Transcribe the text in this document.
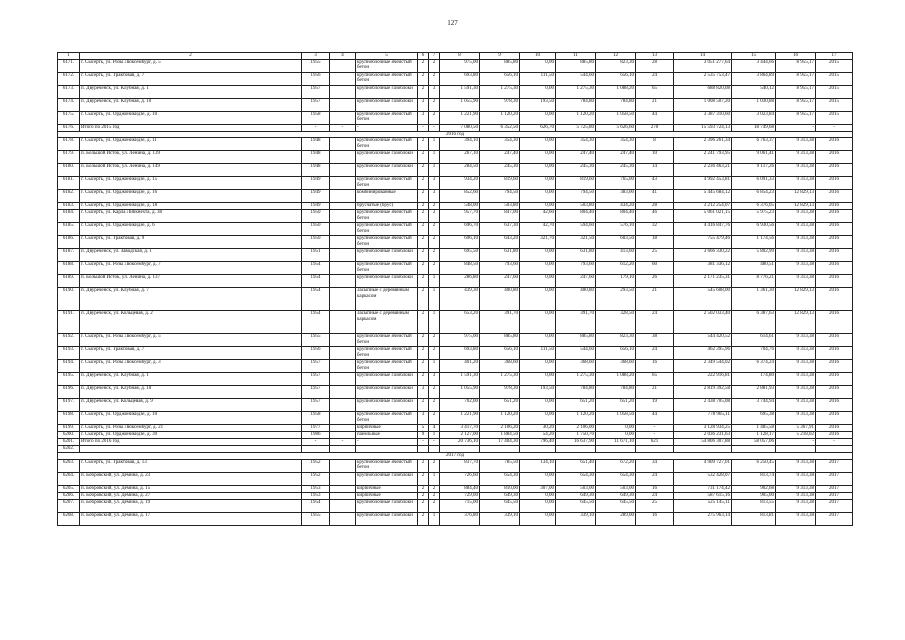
127
1	2	3	4	5	6	7	8	9	10	11	12	13	14	15	16	17
6171.	г. Сысерть, ул. Розы Люксембург, д. 5	1955		крупноблочные ячеистый бетон	2	2	975,00	885,80	0,00	885,80	823,30	28	3 051 277,64	3 444,66	8 955,17	2015
6172.	г. Сысерть, ул. Трактовая, д. 7	1956		крупноблочные ячеистый бетон	2	2	693,80	656,10	111,50	544,60	656,10	24	2 535 753,47	3 864,89	8 955,17	2015
6173.	п. Двуреченск, ул. Клубная, д. 1	1957		крупноблочные газоблоки	2	3	1 591,30	1 275,30	0,00	1 275,30	1 088,20	65	688 820,08	540,12	8 955,17	2015
6174.	п. Двуреченск, ул. Клубная, д. 10	1957		крупноблочные газоблоки	3	2	1 055,90	978,30	193,50	784,80	784,80	21	1 008 507,20	1 030,88	8 955,17	2015
6175.	г. Сысерть, ул. Орджоникидзе, д. 10	1958		крупноблочные ячеистый бетон	3	2	1 221,90	1 120,20	0,00	1 120,20	1 058,50	44	3 387 310,60	3 023,84	8 955,17	2015
6176.	Итого по 2015 год	-	-	-	-	-	7 080,50	6 352,50	626,70	5 725,80	5 626,60	270	15 593 724,13	18 749,68	-	-
2016 год																
6178.	г. Сысерть, ул. Орджоникидзе, д. 11	1948		крупноблочные ячеистый бетон	2	1	394,10	354,30	0,00	354,30	354,30	8	2 396 261,34	6 763,37	9 313,38	2016
6179.	п. Большой Исток, ул. Ленина, д. 139	1948		крупноблочные газоблоки	2	1	267,10	247,40	0,00	247,40	247,40	10	2 241 793,95	9 061,41	9 313,38	2016
6180.	п. Большой Исток, ул. Ленина, д. 149	1948		крупноблочные газоблоки	2	1	284,50	245,30	0,00	245,30	245,30	14	2 236 463,21	9 117,26	9 313,38	2016
6181.	г. Сысерть, ул. Орджоникидзе, д. 15	1949		крупноблочные ячеистый бетон	2	3	934,20	819,60	0,00	819,60	765,00	43	4 992 453,81	6 091,33	9 313,38	2016
6182.	г. Сысерть, ул. Орджоникидзе, д. 16	1949		комбинированные	2	3	852,60	794,50	0,00	794,50	383,00	41	5 445 684,12	6 854,23	12 829,13	2016
6183.	г. Сысерть, ул. Орджоникидзе, д. 18	1949		брусчатые (брус)	2	2	548,00	503,80	0,00	503,80	434,20	28	3 212 254,07	6 376,05	12 829,13	2016
6184.	г. Сысерть, ул. Карла Либкнехта, д. 38	1950		крупноблочные ячеистый бетон	2	3	957,70	847,00	42,60	804,40	804,40	46	5 061 021,15	5 975,23	9 313,38	2016
6185.	г. Сысерть, ул. Орджоникидзе, д. 6	1950		крупноблочные ячеистый бетон	2	2	696,70	637,30	42,70	594,60	576,10	32	4 416 847,76	6 930,56	9 313,38	2016
6186.	г. Сысерть, ул. Трактовая, д. 9	1950		крупноблочные ячеистый бетон	2	2	696,10	643,20	321,70	321,50	603,50	18	755 479,46	1 174,56	9 313,38	2016
6187.	п. Двуреченск, ул. Заводская, д. 1	1951		крупноблочные газоблоки	2	2	695,50	631,80	0,00	631,80	413,60	25	3 666 330,22	5 802,99	9 313,38	2016
6188.	г. Сысерть, ул. Розы Люксембург, д. 7	1954		крупноблочные ячеистый бетон	2	2	848,50	793,60	0,00	793,60	612,20	60	381 336,12	480,51	9 313,38	2016
6189.	п. Большой Исток, ул. Ленина, д. 137	1954		крупноблочные газоблоки	2	1	286,80	247,60	0,00	247,60	179,10	26	2 171 235,31	8 776,21	9 313,38	2016
6190.	п. Двуреченск, ул. Клубная, д. 7	1954		Засыпные с деревянным каркасом	2	1	439,30	400,80	0,00	400,80	293,50	21	545 608,00	1 361,30	12 829,13	2016
6191.	п. Двуреченск, ул. Кольцевая, д. 2	1954		Засыпные с деревянным каркасом	2	1	653,20	391,70	0,00	391,70	328,50	24	2 502 033,40	6 387,63	12 829,13	2016
6192.	г. Сысерть, ул. Розы Люксембург, д. 5	1955		крупноблочные ячеистый бетон	2	2	975,00	885,80	0,00	885,80	823,30	38	544 420,52	614,61	9 313,38	2016
6193.	г. Сысерть, ул. Трактовая, д. 7	1956		крупноблочные ячеистый бетон	2	2	693,80	656,10	111,50	544,60	656,10	24	462 395,96	704,76	9 313,38	2016
6194.	г. Сысерть, ул. Розы Люксембург, д. 3	1957		крупноблочные ячеистый бетон	2	1	401,20	368,60	0,00	368,60	368,60	16	2 349 544,02	6 374,24	9 313,38	2016
6195.	п. Двуреченск, ул. Клубная, д. 1	1957		крупноблочные газоблоки	2	3	1 591,30	1 275,30	0,00	1 275,30	1 088,20	65	222 916,81	174,80	9 313,38	2016
6196.	п. Двуреченск, ул. Клубная, д. 10	1957		крупноблочные газоблоки	3	2	1 055,90	978,30	193,50	784,80	784,80	21	2 819 392,58	2 881,93	9 313,38	2016
6197.	п. Двуреченск, ул. Кольцевая, д. 9	1957		крупноблочные газоблоки	2	2	702,00	651,20	0,00	651,20	651,20	19	2 438 705,08	3 744,94	9 313,38	2016
6198.	г. Сысерть, ул. Орджоникидзе, д. 10	1958		крупноблочные ячеистый бетон	3	2	1 221,90	1 120,20	0,00	1 120,20	1 058,50	44	778 965,11	695,38	9 313,38	2016
6199.	г. Сысерть, ул. Розы Люксембург, д. 21	1977		кирпичные	5	4	3 417,70	2 106,20	30,20	2 106,00	0,00	-	3 128 934,25	1 485,58	5 367,91	2016
6200.	г. Сысерть, ул. Орджоникидзе, д. 39	1986		панельные	9	1	2 127,00	1 884,50	54,20	1 750,70	0,00	-	2 036 231,63	1 128,17	5 218,02	2016
6201.	Итого по 2016 год	-	-	-	-	-	20 736,10	17 404,30	796,40	16 637,90	11 671,10	621	54 806 307,88	58 057,06	-	-
6202.																
2017 год																
6203.	г. Сысерть, ул. Трактовая, д. 13	1952		крупноблочные ячеистый бетон	2	2	837,70	785,50	134,10	651,40	672,20	34	4 909 727,01	6 250,45	9 313,38	2017
6204.	п. Бобровский, ул. Демина, д. 23	1952		крупноблочные газоблоки	2	1	726,60	654,30	0,00	654,30	654,30	24	532 428,07	813,74	9 313,38	2017
6205.	п. Бобровский, ул. Демина, д. 15	1953		кирпичные	2	2	884,40	810,00	307,00	503,00	503,00	16	731 174,42	902,68	9 313,38	2017
6206.	п. Бобровский, ул. Демина, д. 27	1953		кирпичные	2	2	729,00	649,30	0,00	649,30	649,30	24	587 615,16	905,00	9 313,38	2017
6207.	п. Бобровский, ул. Демина, д. 19	1954		крупноблочные газоблоки	2	2	715,00	645,50	0,00	645,50	645,50	25	525 145,11	813,55	9 313,38	2017
6208.	п. Бобровский, ул. Демина, д. 17	1955		крупноблочные газоблоки	2	1	376,80	339,10	0,00	339,10	289,00	16	275 963,14	813,81	9 313,38	2017
